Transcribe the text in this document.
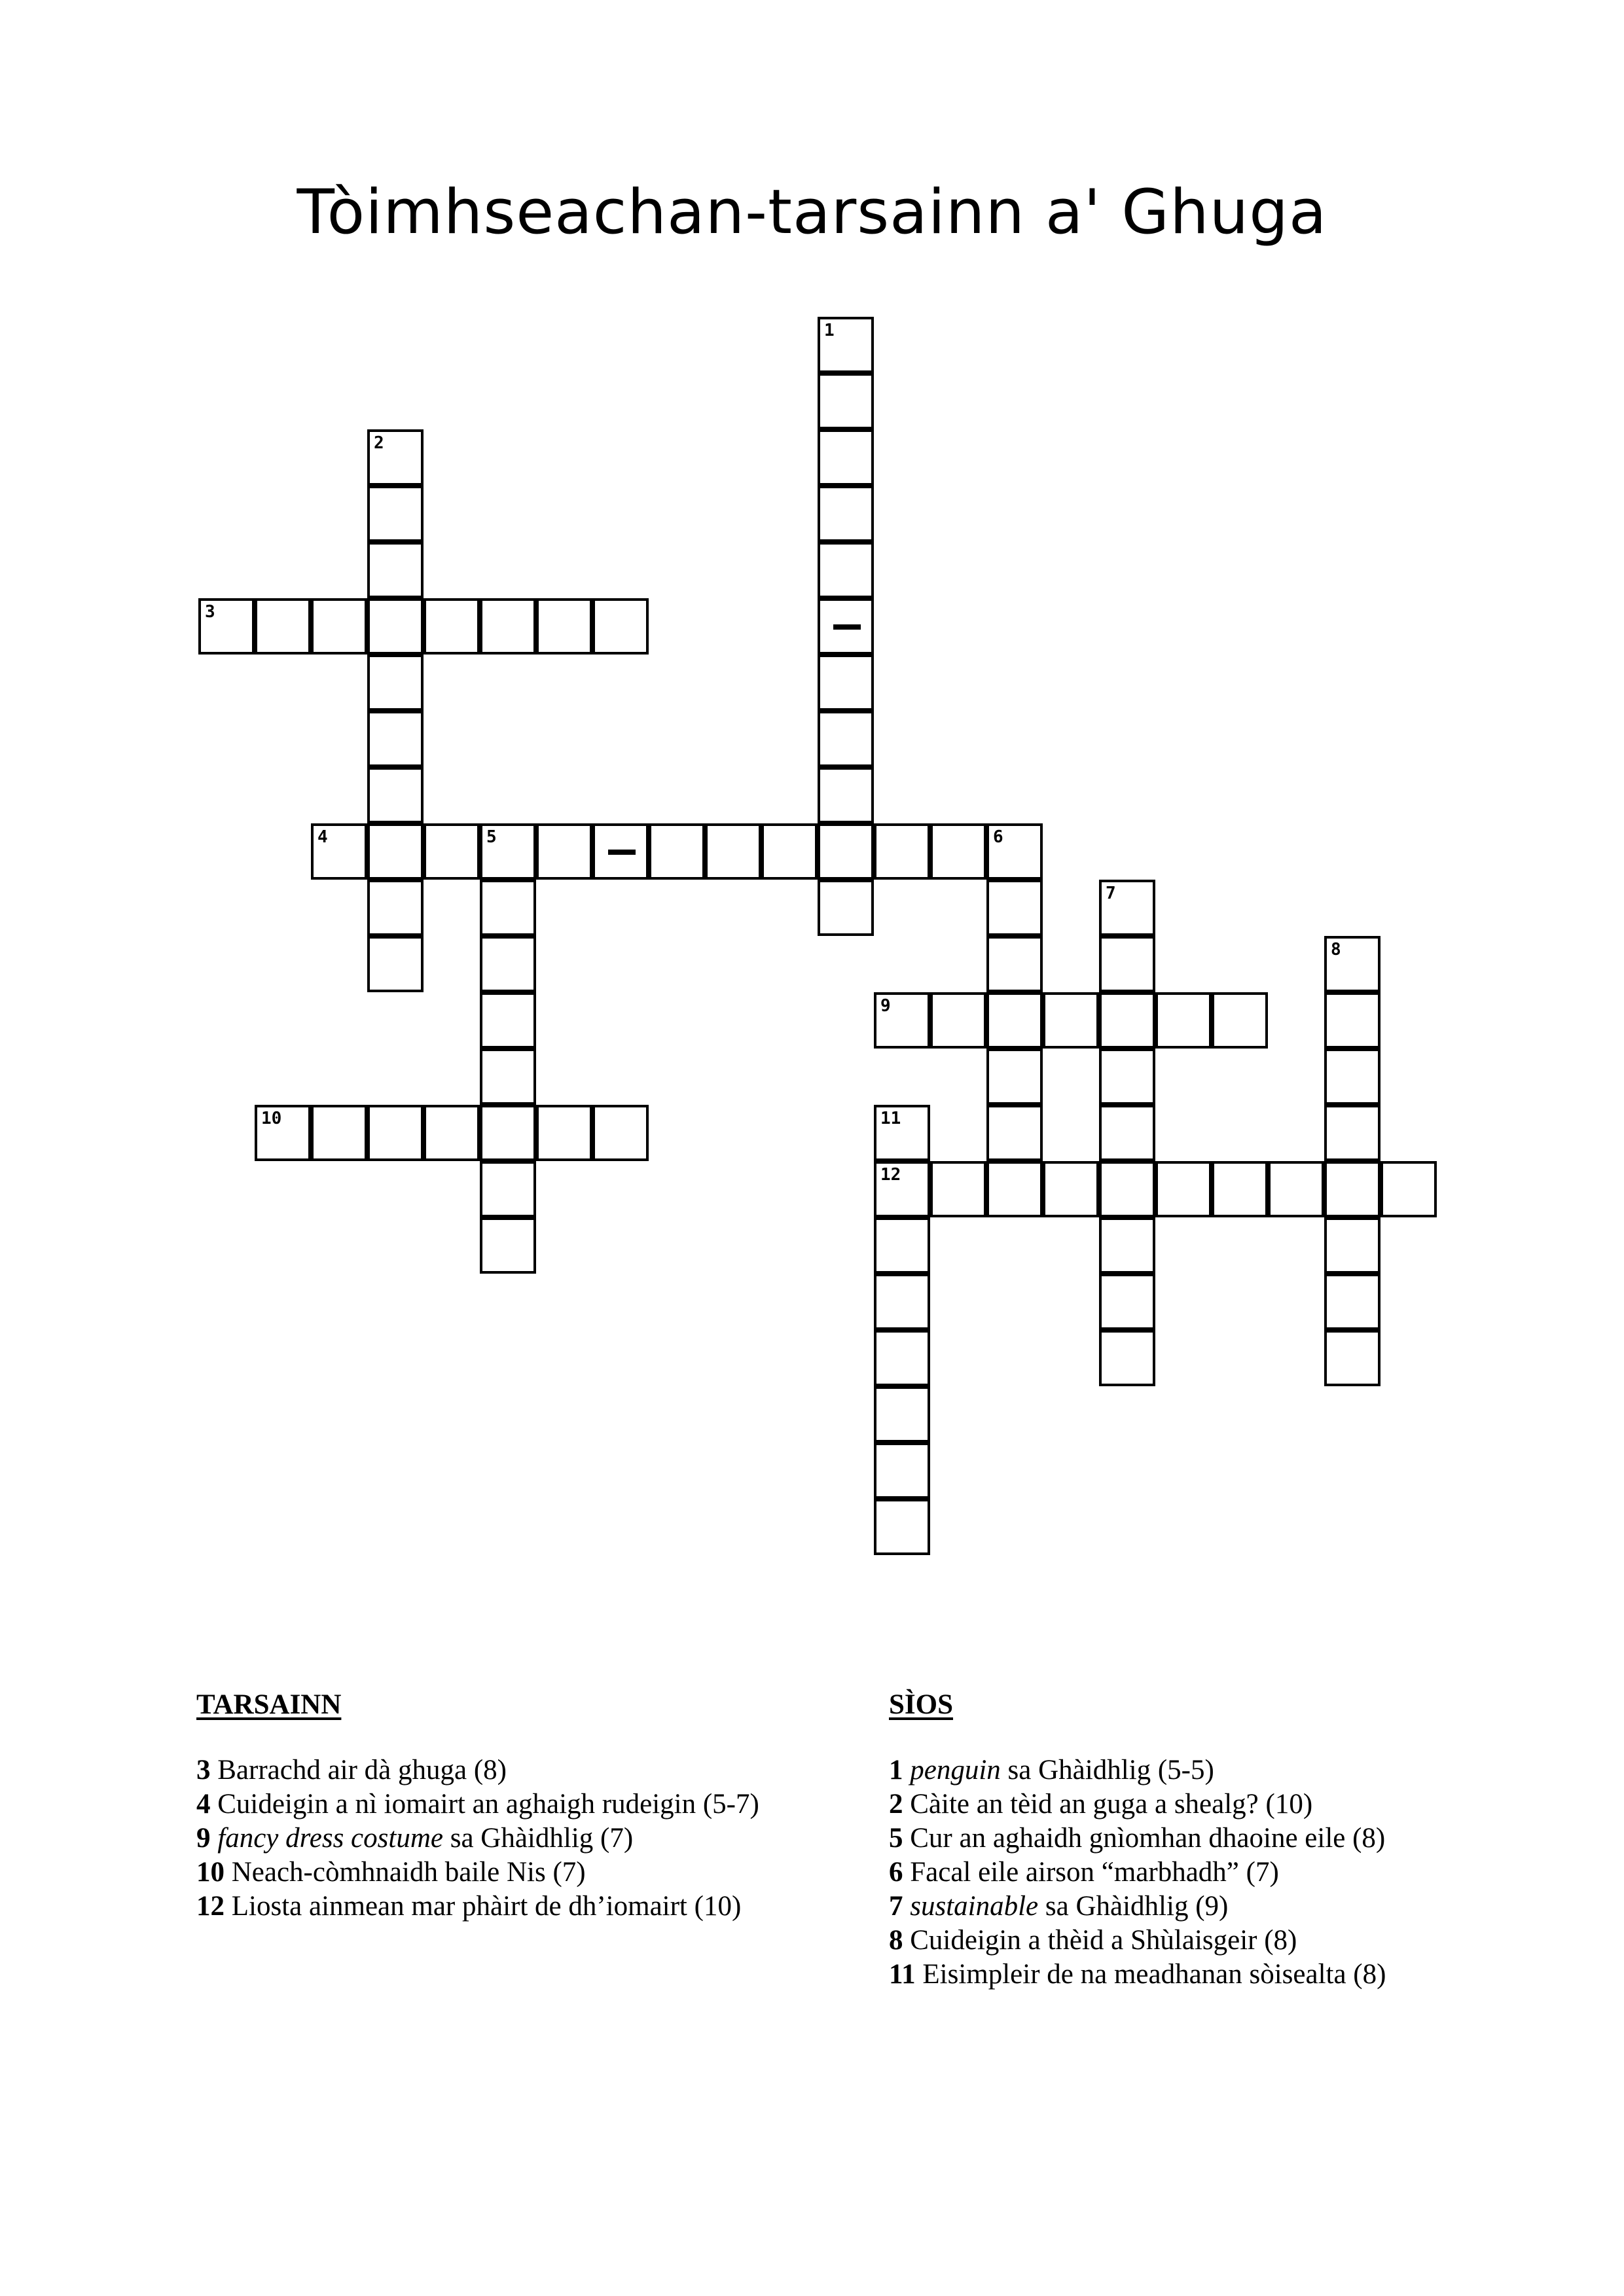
Tòimhseachan-tarsainn a' Ghuga
1
2
3
4	5	6
7
8
9
10	11
12
TARSAINN
3 Barrachd air dà ghuga (8)
4 Cuideigin a nì iomairt an aghaigh rudeigin (5-7)
9 fancy dress costume sa Ghàidhlig (7)
10 Neach-còmhnaidh baile Nis (7)
12 Liosta ainmean mar phàirt de dh’iomairt (10)
SÌOS
1 penguin sa Ghàidhlig (5-5)
2 Càite an tèid an guga a shealg? (10)
5 Cur an aghaidh gnìomhan dhaoine eile (8)
6 Facal eile airson “marbhadh” (7)
7 sustainable sa Ghàidhlig (9)
8 Cuideigin a thèid a Shùlaisgeir (8)
11 Eisimpleir de na meadhanan sòisealta (8)
